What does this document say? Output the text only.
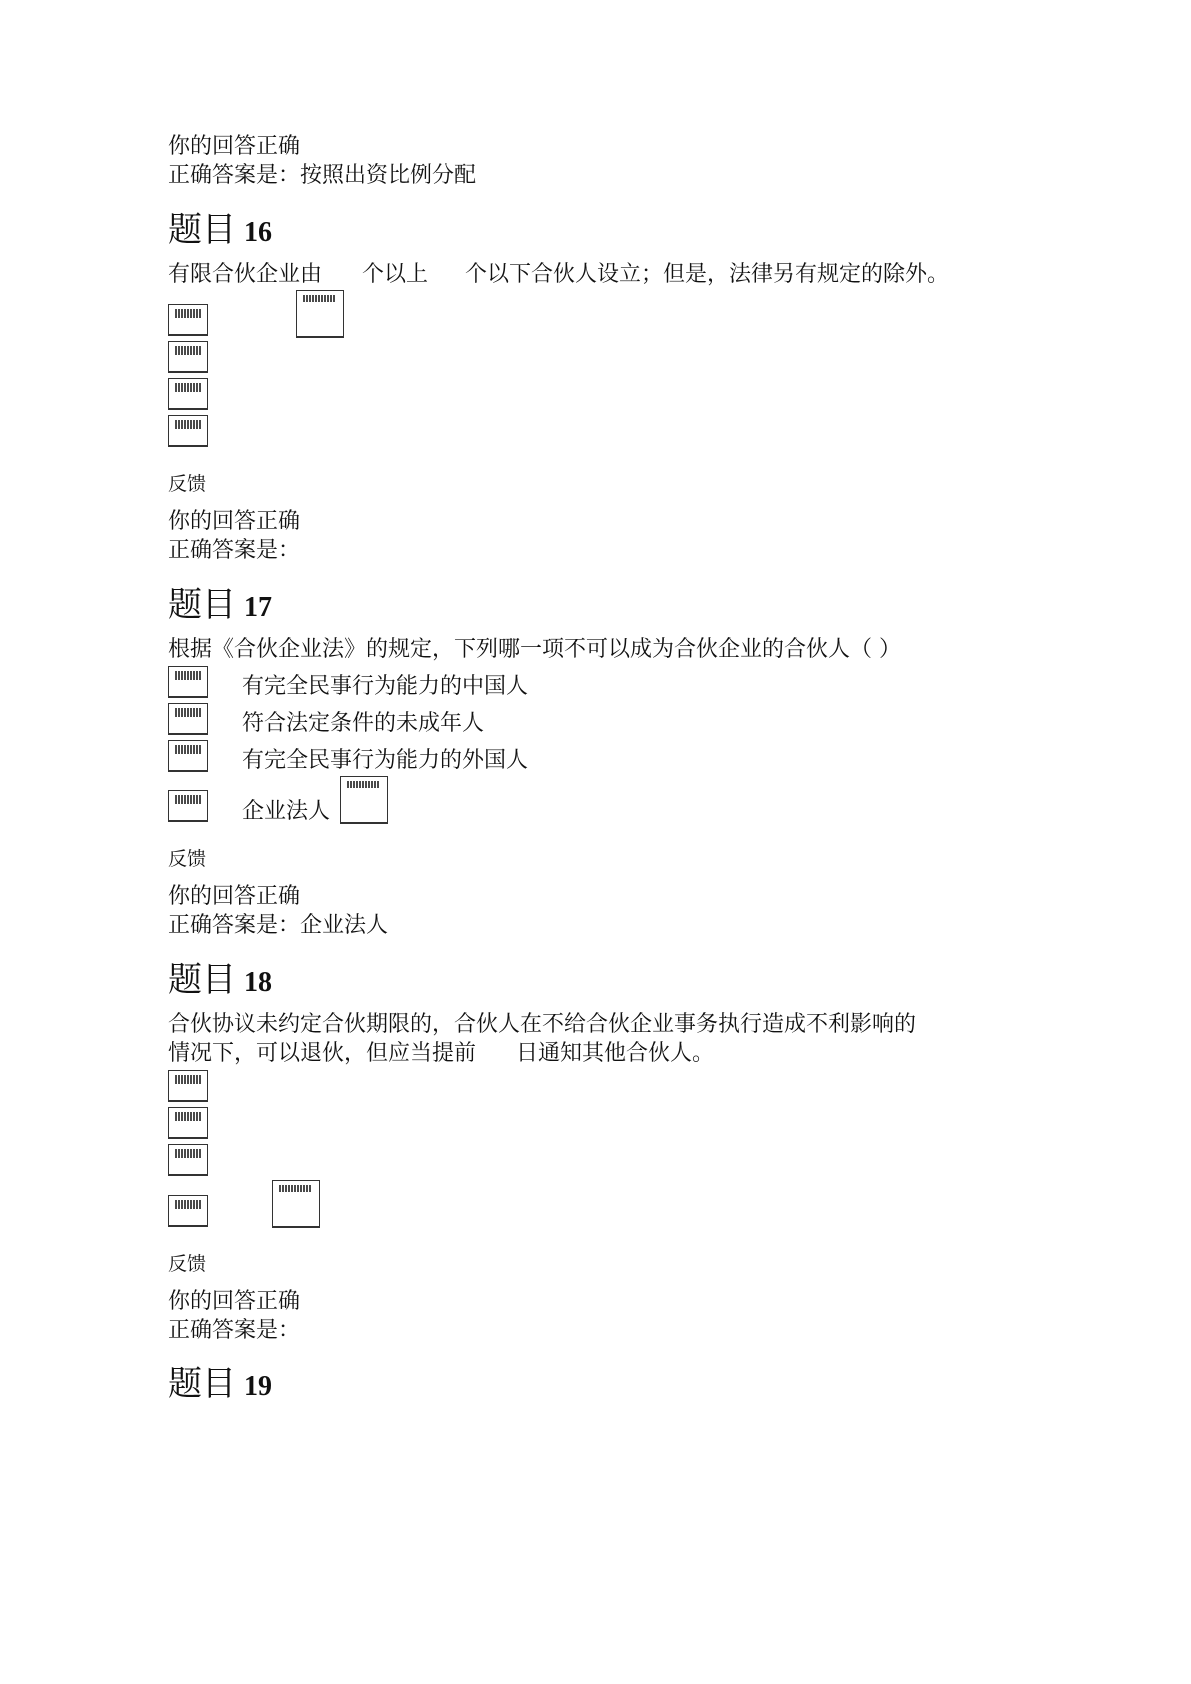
你的回答正确
正确答案是：按照出资比例分配
题目 16
有限合伙企业由 个以上 个以下合伙人设立；但是，法律另有规定的除外。
反馈
你的回答正确
正确答案是：
题目 17
根据《合伙企业法》的规定，下列哪一项不可以成为合伙企业的合伙人（ ）
有完全民事行为能力的中国人
符合法定条件的未成年人
有完全民事行为能力的外国人
企业法人
反馈
你的回答正确
正确答案是：企业法人
题目 18
合伙协议未约定合伙期限的，合伙人在不给合伙企业事务执行造成不利影响的
情况下，可以退伙，但应当提前 日通知其他合伙人。
反馈
你的回答正确
正确答案是：
题目 19
